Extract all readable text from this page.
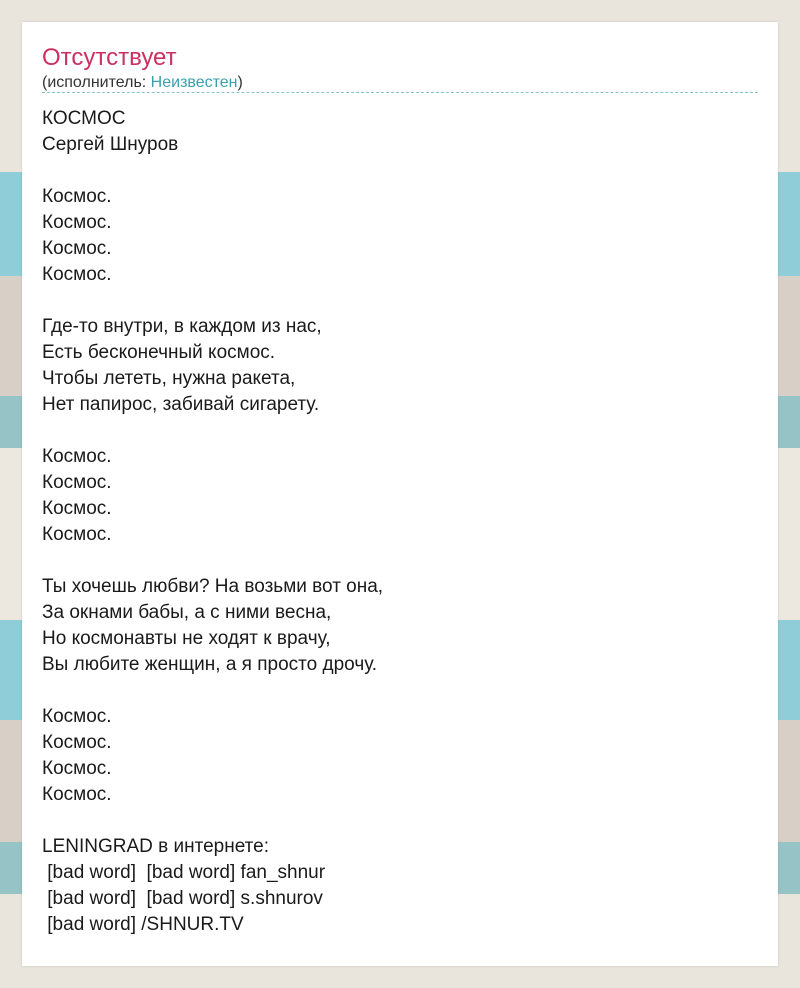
Отсутствует
(исполнитель: Неизвестен)
КОСМОС
Сергей Шнуров
Космос.
Космос.
Космос.
Космос.
Где-то внутри, в каждом из нас,
Есть бесконечный космос.
Чтобы лететь, нужна ракета,
Нет папирос, забивай сигарету.
Космос.
Космос.
Космос.
Космос.
Ты хочешь любви? На возьми вот она,
За окнами бабы, а с ними весна,
Но космонавты не ходят к врачу,
Вы любите женщин, а я просто дрочу.
Космос.
Космос.
Космос.
Космос.
LENINGRAD в интернете:
[bad word]  [bad word] fan_shnur
[bad word]  [bad word] s.shnurov
[bad word] /SHNUR.TV
